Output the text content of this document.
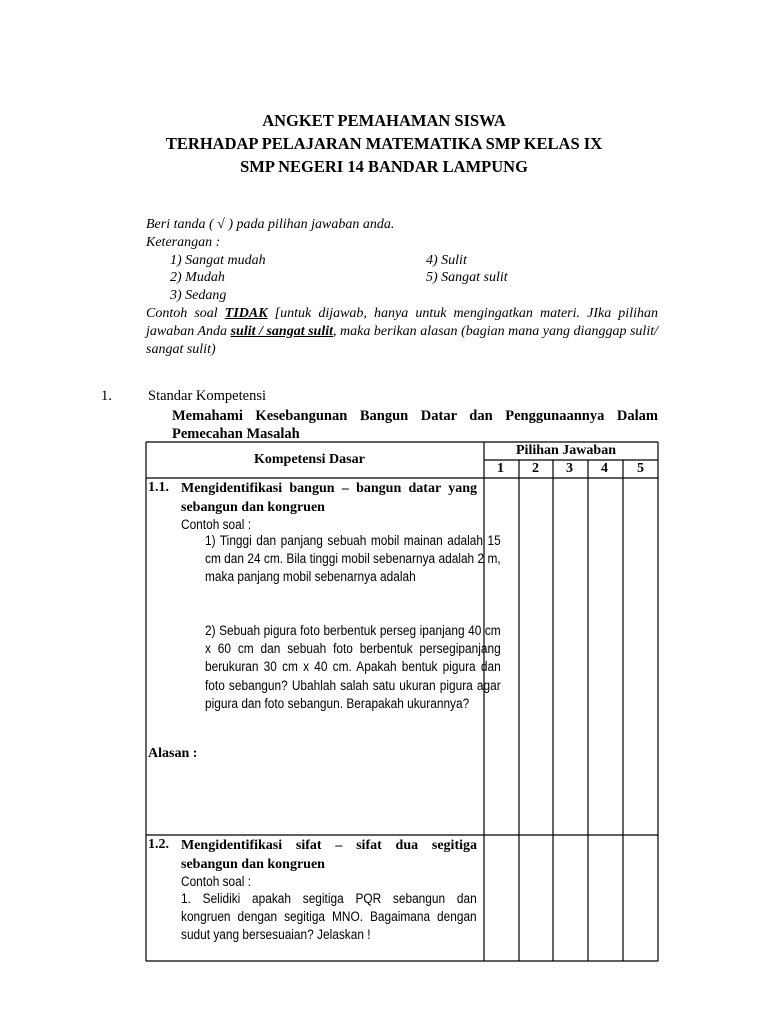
ANGKET PEMAHAMAN SISWA
TERHADAP PELAJARAN MATEMATIKA SMP KELAS IX
SMP NEGERI 14 BANDAR LAMPUNG
Beri tanda ( √ ) pada pilihan jawaban anda.
Keterangan :
1) Sangat mudah
2) Mudah
3) Sedang
4) Sulit
5) Sangat sulit
Contoh soal TIDAK [untuk dijawab, hanya untuk mengingatkan materi. JIka pilihan jawaban Anda sulit / sangat sulit, maka berikan alasan (bagian mana yang dianggap sulit/ sangat sulit)
1. Standar Kompetensi
Memahami Kesebangunan Bangun Datar dan Penggunaannya Dalam Pemecahan Masalah
Kompetensi Dasar
Pilihan Jawaban
1 2 3 4 5
1.1. Mengidentifikasi bangun – bangun datar yang sebangun dan kongruen
Contoh soal :
1) Tinggi dan panjang sebuah mobil mainan adalah 15 cm dan 24 cm. Bila tinggi mobil sebenarnya adalah 2 m, maka panjang mobil sebenarnya adalah
2) Sebuah pigura foto berbentuk perseg ipanjang 40 cm x 60 cm dan sebuah foto berbentuk persegipanjang berukuran 30 cm x 40 cm. Apakah bentuk pigura dan foto sebangun? Ubahlah salah satu ukuran pigura agar pigura dan foto sebangun. Berapakah ukurannya?
Alasan :
1.2. Mengidentifikasi sifat – sifat dua segitiga sebangun dan kongruen
Contoh soal :
1. Selidiki apakah segitiga PQR sebangun dan kongruen dengan segitiga MNO. Bagaimana dengan sudut yang bersesuaian? Jelaskan !
